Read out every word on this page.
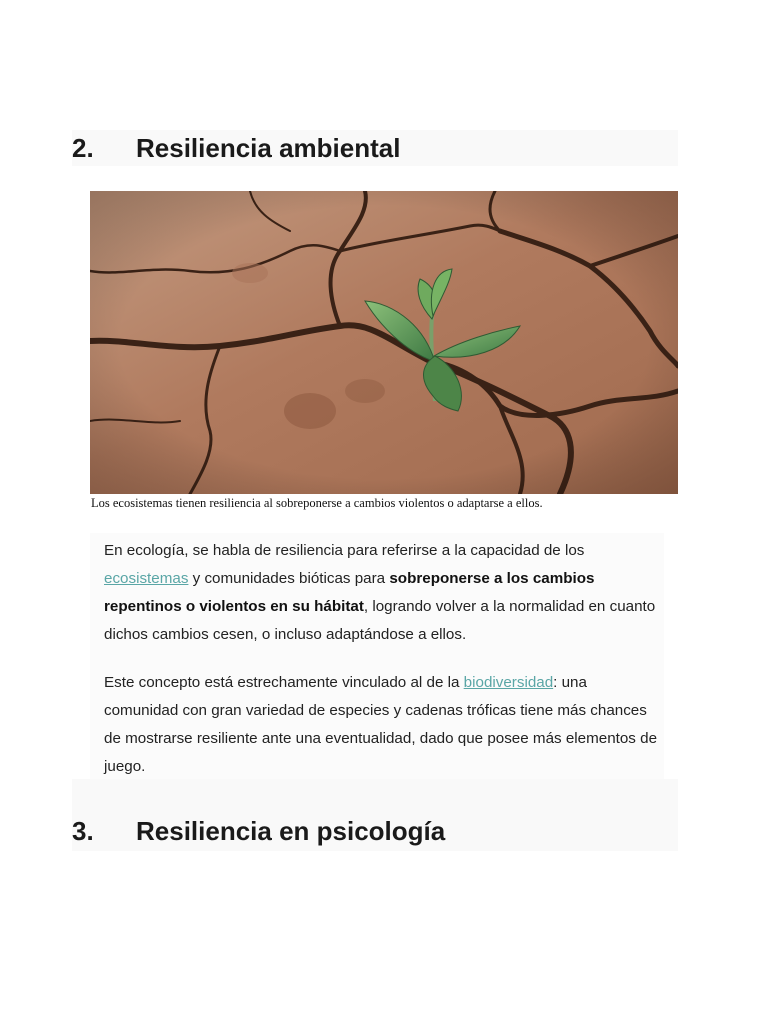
2. Resiliencia ambiental
Los ecosistemas tienen resiliencia al sobreponerse a cambios violentos o adaptarse a ellos.

En ecología, se habla de resiliencia para referirse a la capacidad de los ecosistemas y comunidades bióticas para sobreponerse a los cambios repentinos o violentos en su hábitat, logrando volver a la normalidad en cuanto dichos cambios cesen, o incluso adaptándose a ellos.

Este concepto está estrechamente vinculado al de la biodiversidad: una comunidad con gran variedad de especies y cadenas tróficas tiene más chances de mostrarse resiliente ante una eventualidad, dado que posee más elementos de juego.

3. Resiliencia en psicología
